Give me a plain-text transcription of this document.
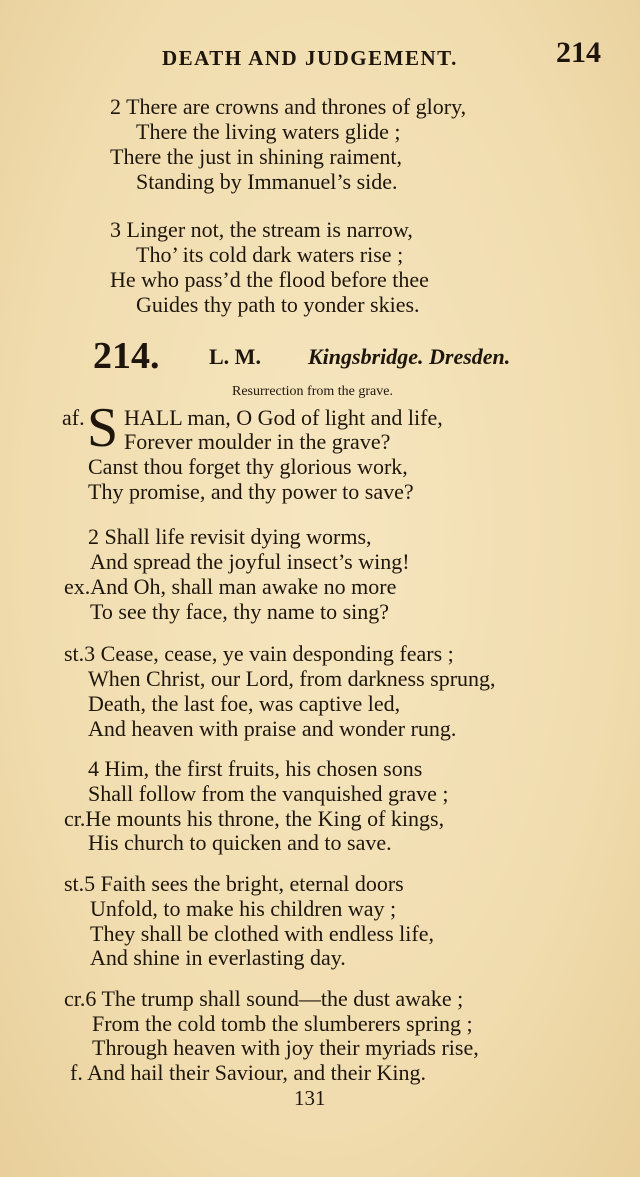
DEATH AND JUDGEMENT.	214
2 There are crowns and thrones of glory,
There the living waters glide ;
There the just in shining raiment,
Standing by Immanuel’s side.
3 Linger not, the stream is narrow,
Tho’ its cold dark waters rise ;
He who pass’d the flood before thee
Guides thy path to yonder skies.
214. L. M. Kingsbridge. Dresden.
Resurrection from the grave.
af. S HALL man, O God of light and life,
Forever moulder in the grave?
Canst thou forget thy glorious work,
Thy promise, and thy power to save?
2 Shall life revisit dying worms,
And spread the joyful insect’s wing!
ex.And Oh, shall man awake no more
To see thy face, thy name to sing?
st.3 Cease, cease, ye vain desponding fears ;
When Christ, our Lord, from darkness sprung,
Death, the last foe, was captive led,
And heaven with praise and wonder rung.
4 Him, the first fruits, his chosen sons
Shall follow from the vanquished grave ;
cr.He mounts his throne, the King of kings,
His church to quicken and to save.
st.5 Faith sees the bright, eternal doors
Unfold, to make his children way ;
They shall be clothed with endless life,
And shine in everlasting day.
cr.6 The trump shall sound—the dust awake ;
From the cold tomb the slumberers spring ;
Through heaven with joy their myriads rise,
f. And hail their Saviour, and their King.
131
